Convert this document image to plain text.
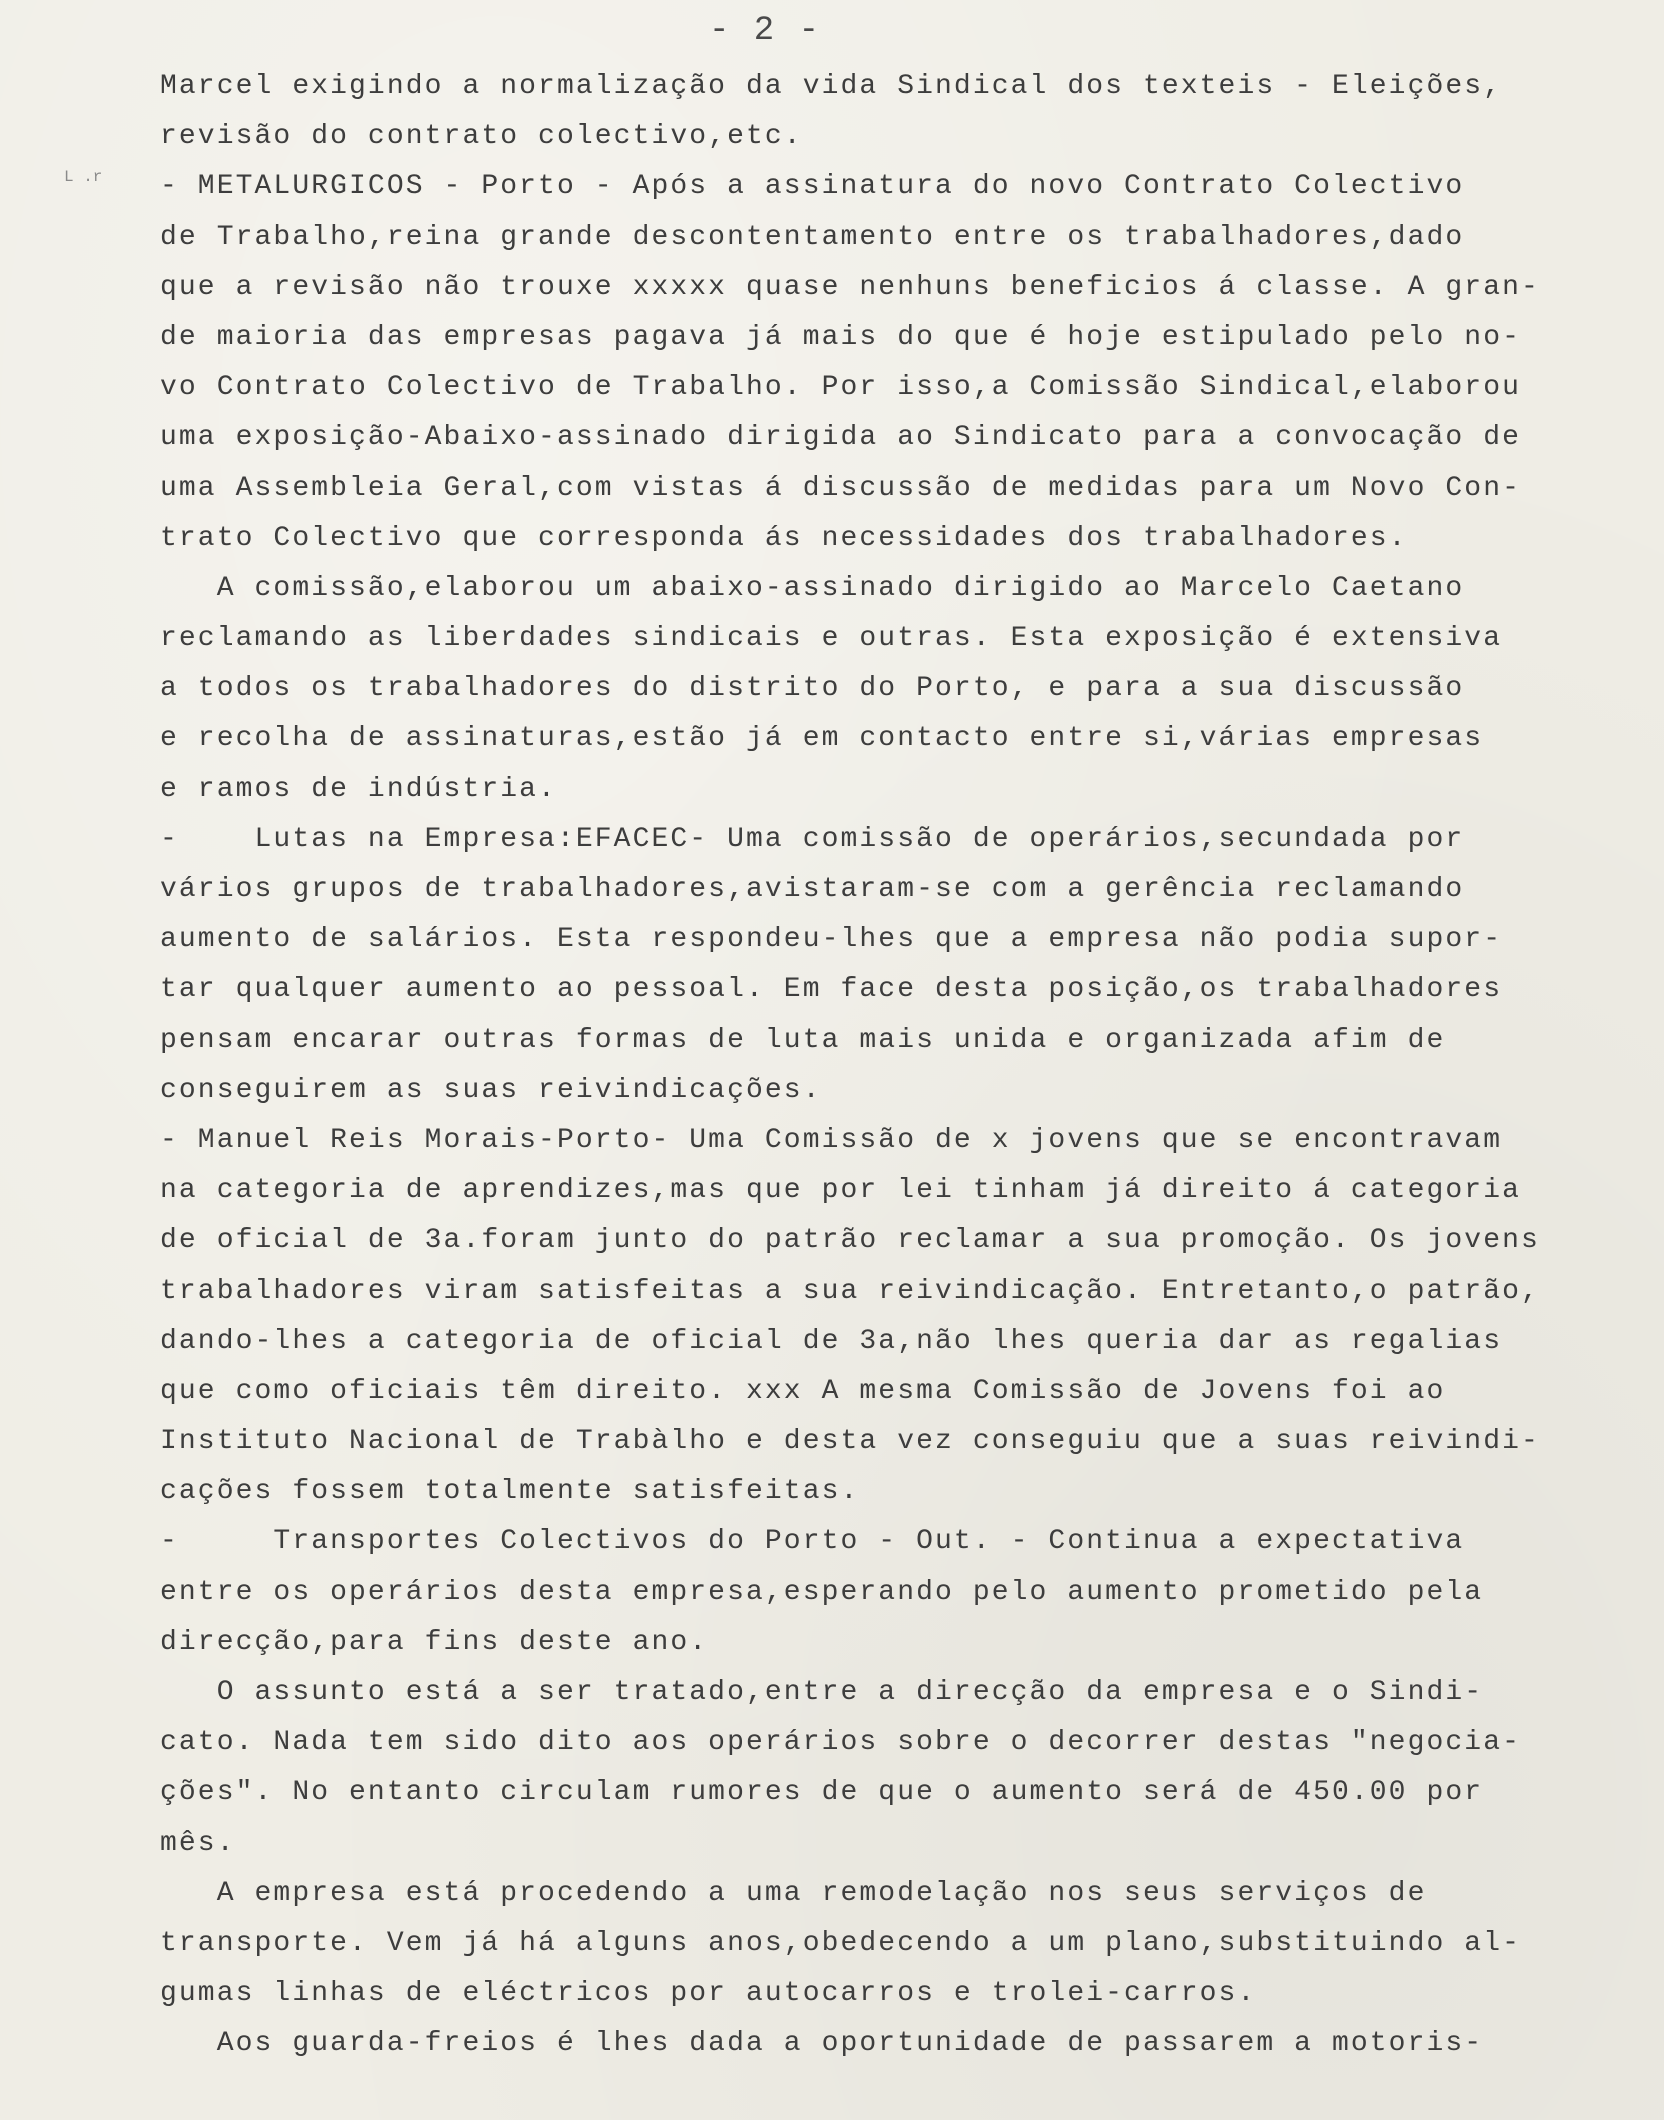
- 2 -
L .r
Marcel exigindo a normalização da vida Sindical dos texteis - Eleições,
revisão do contrato colectivo,etc.
- METALURGICOS - Porto - Após a assinatura do novo Contrato Colectivo
de Trabalho,reina grande descontentamento entre os trabalhadores,dado
que a revisão não trouxe xxxxx quase nenhuns beneficios á classe. A gran-
de maioria das empresas pagava já mais do que é hoje estipulado pelo no-
vo Contrato Colectivo de Trabalho. Por isso,a Comissão Sindical,elaborou
uma exposição-Abaixo-assinado dirigida ao Sindicato para a convocação de
uma Assembleia Geral,com vistas á discussão de medidas para um Novo Con-
trato Colectivo que corresponda ás necessidades dos trabalhadores.
A comissão,elaborou um abaixo-assinado dirigido ao Marcelo Caetano
reclamando as liberdades sindicais e outras. Esta exposição é extensiva
a todos os trabalhadores do distrito do Porto, e para a sua discussão
e recolha de assinaturas,estão já em contacto entre si,várias empresas
e ramos de indústria.
-    Lutas na Empresa:EFACEC- Uma comissão de operários,secundada por
vários grupos de trabalhadores,avistaram-se com a gerência reclamando
aumento de salários. Esta respondeu-lhes que a empresa não podia supor-
tar qualquer aumento ao pessoal. Em face desta posição,os trabalhadores
pensam encarar outras formas de luta mais unida e organizada afim de
conseguirem as suas reivindicações.
- Manuel Reis Morais-Porto- Uma Comissão de x jovens que se encontravam
na categoria de aprendizes,mas que por lei tinham já direito á categoria
de oficial de 3a.foram junto do patrão reclamar a sua promoção. Os jovens
trabalhadores viram satisfeitas a sua reivindicação. Entretanto,o patrão,
dando-lhes a categoria de oficial de 3a,não lhes queria dar as regalias
que como oficiais têm direito. xxx A mesma Comissão de Jovens foi ao
Instituto Nacional de Trabàlho e desta vez conseguiu que a suas reivindi-
cações fossem totalmente satisfeitas.
-     Transportes Colectivos do Porto - Out. - Continua a expectativa
entre os operários desta empresa,esperando pelo aumento prometido pela
direcção,para fins deste ano.
O assunto está a ser tratado,entre a direcção da empresa e o Sindi-
cato. Nada tem sido dito aos operários sobre o decorrer destas "negocia-
ções". No entanto circulam rumores de que o aumento será de 450.00 por
mês.
A empresa está procedendo a uma remodelação nos seus serviços de
transporte. Vem já há alguns anos,obedecendo a um plano,substituindo al-
gumas linhas de eléctricos por autocarros e trolei-carros.
Aos guarda-freios é lhes dada a oportunidade de passarem a motoris-
